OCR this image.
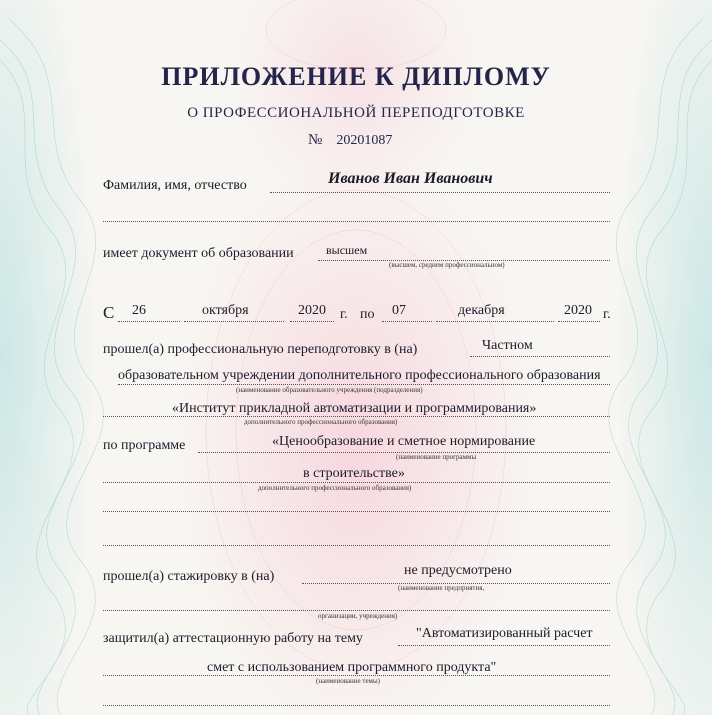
ПРИЛОЖЕНИЕ К ДИПЛОМУ
О ПРОФЕССИОНАЛЬНОЙ ПЕРЕПОДГОТОВКЕ
№ 20201087
Фамилия, имя, отчество	Иванов Иван Иванович
имеет документ об образовании	высшем
(высшем, среднем профессиональном)
С 26	октября	2020 г. по 07	декабря	2020 г.
прошел(а) профессиональную переподготовку в (на)	Частном
образовательном учреждении дополнительного профессионального образования
(наименование образовательного учреждения (подразделения)
«Институт прикладной автоматизации и программирования»
дополнительного профессионального образования)
по программе	«Ценообразование и сметное нормирование
(наименование программы
в строительстве»
дополнительного профессионального образования)
прошел(а) стажировку в (на)	не предусмотрено
(наименование предприятия,
организации, учреждения)
защитил(а) аттестационную работу на тему	"Автоматизированный расчет
смет с использованием программного продукта"
(наименование темы)
